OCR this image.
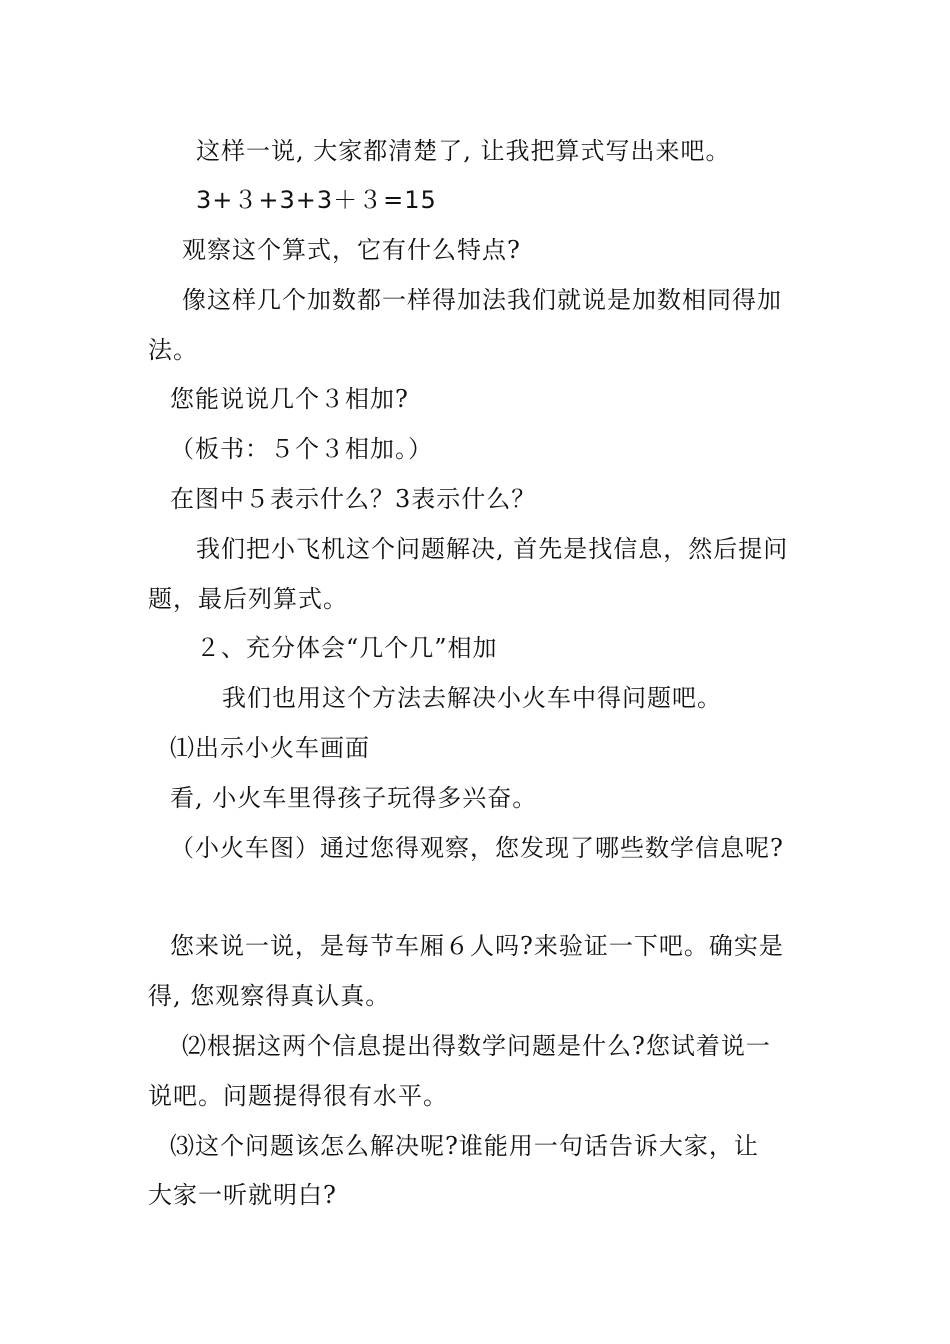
这样一说, 大家都清楚了, 让我把算式写出来吧。
3+３+3+3＋３=15
观察这个算式，它有什么特点?
像这样几个加数都一样得加法我们就说是加数相同得加
法。
您能说说几个３相加?
（板书：５个３相加。）
在图中５表示什么？3表示什么？
我们把小飞机这个问题解决, 首先是找信息，然后提问
题，最后列算式。
２、充分体会“几个几”相加
我们也用这个方法去解决小火车中得问题吧。
⑴出示小火车画面
看, 小火车里得孩子玩得多兴奋。
（小火车图）通过您得观察，您发现了哪些数学信息呢?
您来说一说，是每节车厢６人吗?来验证一下吧。确实是
得, 您观察得真认真。
⑵根据这两个信息提出得数学问题是什么?您试着说一
说吧。问题提得很有水平。
⑶这个问题该怎么解决呢?谁能用一句话告诉大家，让
大家一听就明白?
